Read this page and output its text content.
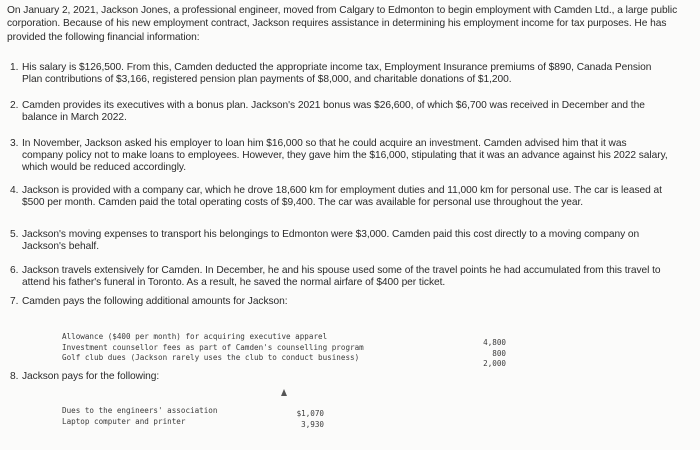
On January 2, 2021, Jackson Jones, a professional engineer, moved from Calgary to Edmonton to begin employment with Camden Ltd., a large public corporation. Because of his new employment contract, Jackson requires assistance in determining his employment income for tax purposes. He has provided the following financial information:
1. His salary is $126,500. From this, Camden deducted the appropriate income tax, Employment Insurance premiums of $890, Canada Pension Plan contributions of $3,166, registered pension plan payments of $8,000, and charitable donations of $1,200.
2. Camden provides its executives with a bonus plan. Jackson's 2021 bonus was $26,600, of which $6,700 was received in December and the balance in March 2022.
3. In November, Jackson asked his employer to loan him $16,000 so that he could acquire an investment. Camden advised him that it was company policy not to make loans to employees. However, they gave him the $16,000, stipulating that it was an advance against his 2022 salary, which would be reduced accordingly.
4. Jackson is provided with a company car, which he drove 18,600 km for employment duties and 11,000 km for personal use. The car is leased at $500 per month. Camden paid the total operating costs of $9,400. The car was available for personal use throughout the year.
5. Jackson's moving expenses to transport his belongings to Edmonton were $3,000. Camden paid this cost directly to a moving company on Jackson's behalf.
6. Jackson travels extensively for Camden. In December, he and his spouse used some of the travel points he had accumulated from this travel to attend his father's funeral in Toronto. As a result, he saved the normal airfare of $400 per ticket.
7. Camden pays the following additional amounts for Jackson:
Allowance ($400 per month) for acquiring executive apparel
Investment counsellor fees as part of Camden's counselling program
Golf club dues (Jackson rarely uses the club to conduct business)
4,800
800
2,000
8. Jackson pays for the following:
Dues to the engineers' association
Laptop computer and printer
$1,070
3,930
